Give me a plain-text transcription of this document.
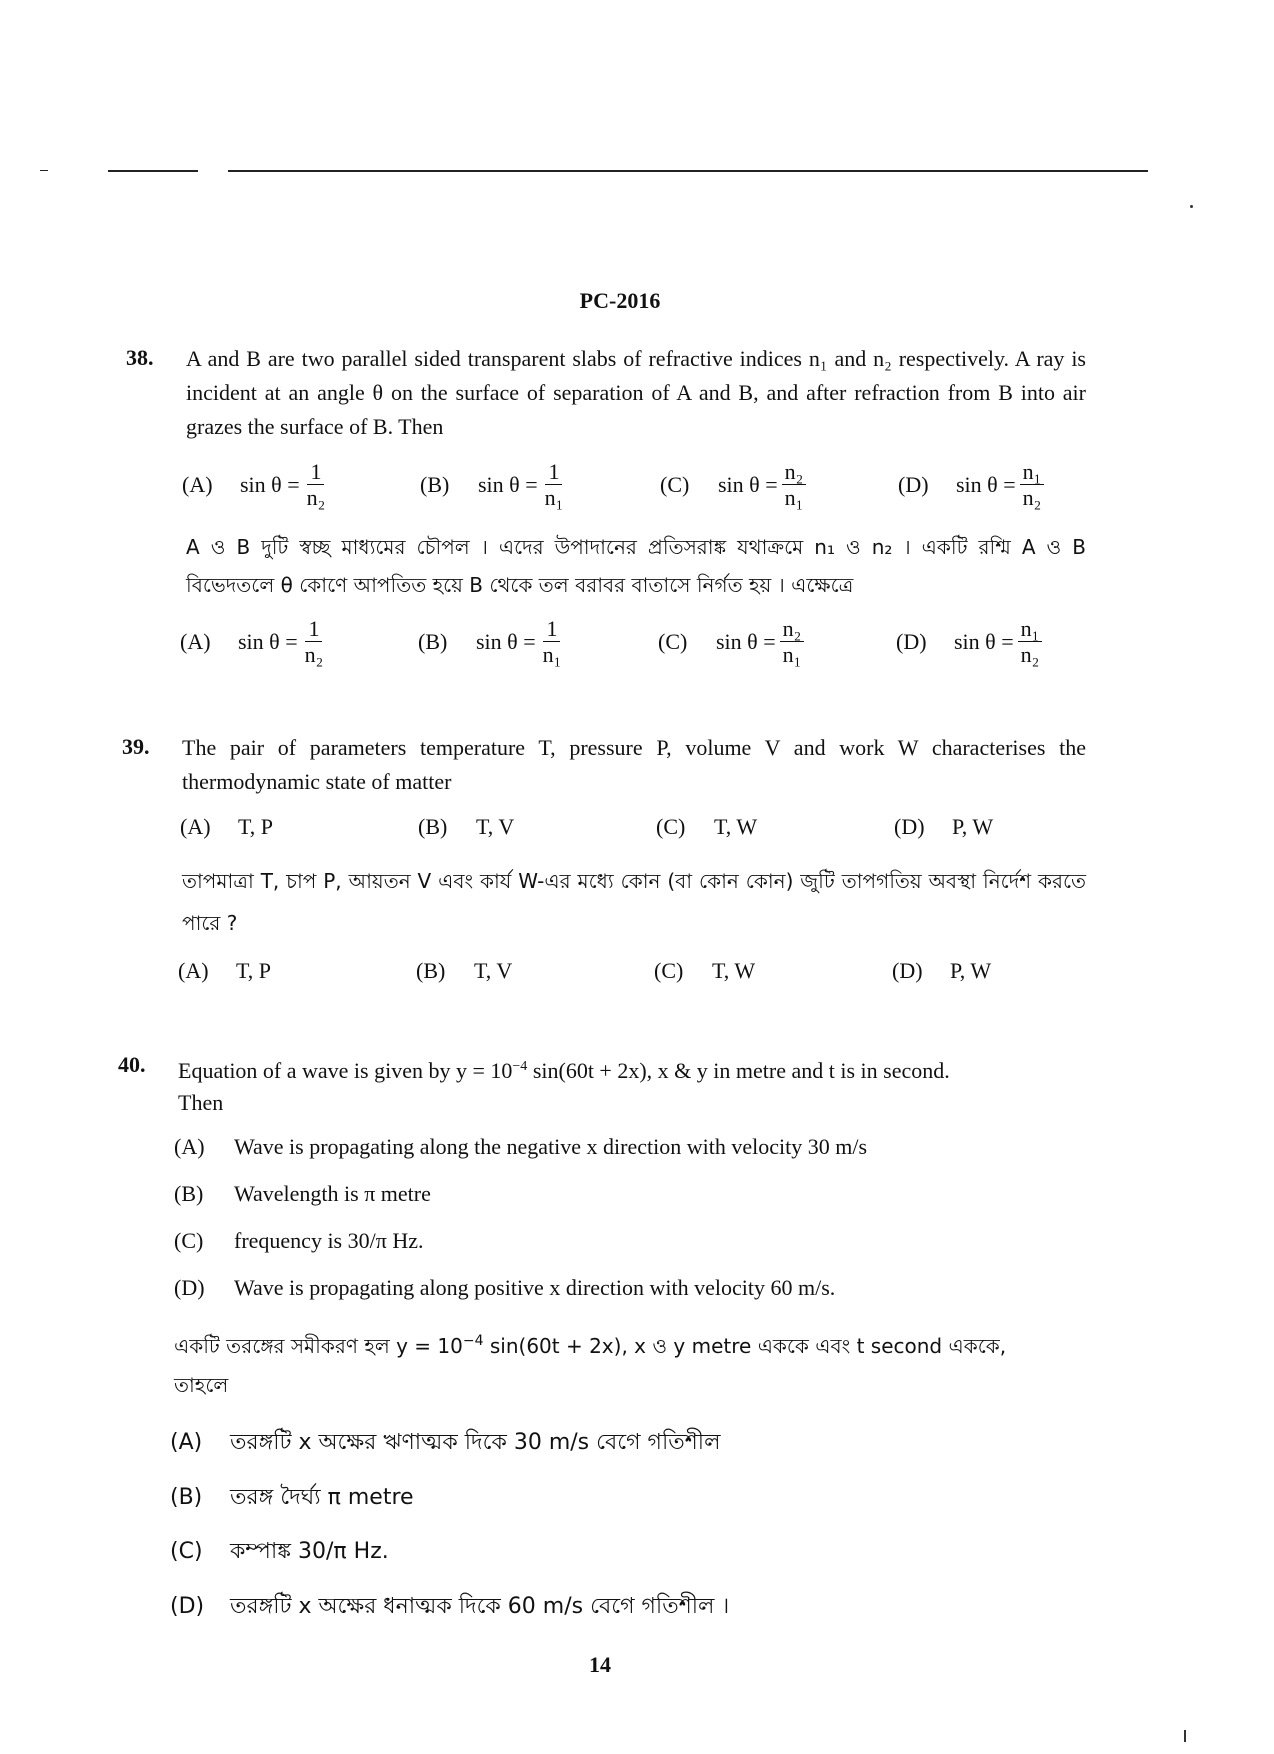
PC-2016
38. A and B are two parallel sided transparent slabs of refractive indices n₁ and n₂ respectively. A ray is incident at an angle θ on the surface of separation of A and B, and after refraction from B into air grazes the surface of B. Then
(A)	$\sin \theta = \frac{1}{\text{n₂}}$	(B)	$\sin \theta = \frac{1}{\text{n₁}}$	(C)	$\sin \theta = \frac{\text{n₂}}{\text{n₁}}$	(D)	$\sin \theta = \frac{\text{n₁}}{\text{n₂}}$
A ও B দুটি স্বচ্ছ মাধ্যমের চৌপল । এদের উপাদানের প্রতিসরাঙ্ক যথাক্রমে n₁ ও n₂ । একটি রশ্মি A ও B বিভেদতলে θ কোণে আপতিত হয়ে B থেকে তল বরাবর বাতাসে নির্গত হয় । এক্ষেত্রে
(A)	$\sin \theta = \frac{1}{\text{n₂}}$	(B)	$\sin \theta = \frac{1}{\text{n₁}}$	(C)	$\sin \theta = \frac{\text{n₂}}{\text{n₁}}$	(D)	$\sin \theta = \frac{\text{n₁}}{\text{n₂}}$
39. The pair of parameters temperature T, pressure P, volume V and work W characterises the thermodynamic state of matter
(A) T, P	(B) T, V	(C) T, W	(D) P, W
তাপমাত্রা T, চাপ P, আয়তন V এবং কার্য W-এর মধ্যে কোন (বা কোন কোন) জুটি তাপগতিয় অবস্থা নির্দেশ করতে পারে ?
(A) T, P	(B) T, V	(C) T, W	(D) P, W
40. Equation of a wave is given by $y = 10^{-4}$ sin(60t + 2x), x & y in metre and t is in second.
Then
(A) Wave is propagating along the negative x direction with velocity 30 m/s
(B) Wavelength is π metre
(C) frequency is 30/π Hz.
(D) Wave is propagating along positive x direction with velocity 60 m/s.
একটি তরঙ্গের সমীকরণ হল $y = 10^{-4}$ sin(60t + 2x), x ও y metre এককে এবং t second এককে,
তাহলে
(A) তরঙ্গটি x অক্ষের ঋণাত্মক দিকে 30 m/s বেগে গতিশীল
(B) তরঙ্গ দৈর্ঘ্য π metre
(C) কম্পাঙ্ক 30/π Hz.
(D) তরঙ্গটি x অক্ষের ধনাত্মক দিকে 60 m/s বেগে গতিশীল ।
14
